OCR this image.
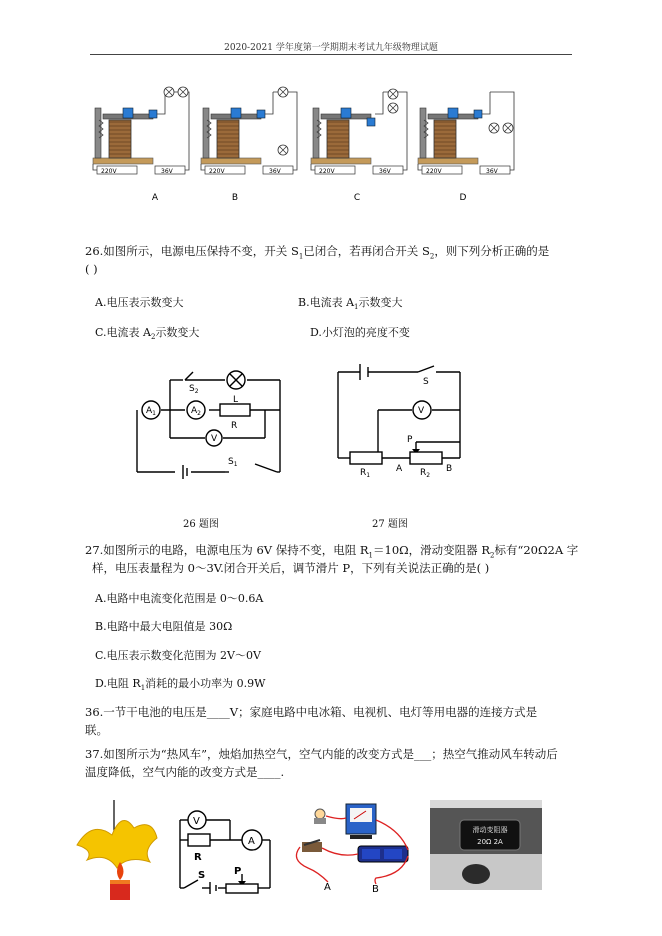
2020-2021 学年度第一学期期末考试九年级物理试题
220V	36V
A
220V	36V
B
220V	36V
C
220V	36V
D
26.如图所示，电源电压保持不变，开关 $S_1$已闭合，若再闭合开关 $S_2$，则下列分析正确的是
( )
A.电压表示数变大	B.电流表 $A_1$示数变大
C.电流表 $A_2$示数变大	D.小灯泡的亮度不变
$A_1$	$A_2$
R
V
L
$S_2$
$S_1$
26 题图
S
V
P
$R_1$
A $R_2$
B
27 题图
27.如图所示的电路，电源电压为 6V 保持不变，电阻 $R_1=10\Omega$，滑动变阻器 $R_2$标有“20Ω2A 字
样，电压表量程为 0～3V.闭合开关后，调节滑片 P，下列有关说法正确的是( )
A.电路中电流变化范围是 0～0.6A
B.电路中最大电阻值是 30Ω
C.电压表示数变化范围为 2V～0V
D.电阻 $R_1$消耗的最小功率为 0.9W
36.一节干电池的电压是____V；家庭电路中电冰箱、电视机、电灯等用电器的连接方式是
联。
37.如图所示为“热风车”，烛焰加热空气，空气内能的改变方式是___；热空气推动风车转动后
温度降低，空气内能的改变方式是____.
V
A
R
S	P
A	B
滑动变阻器
20Ω 2A
